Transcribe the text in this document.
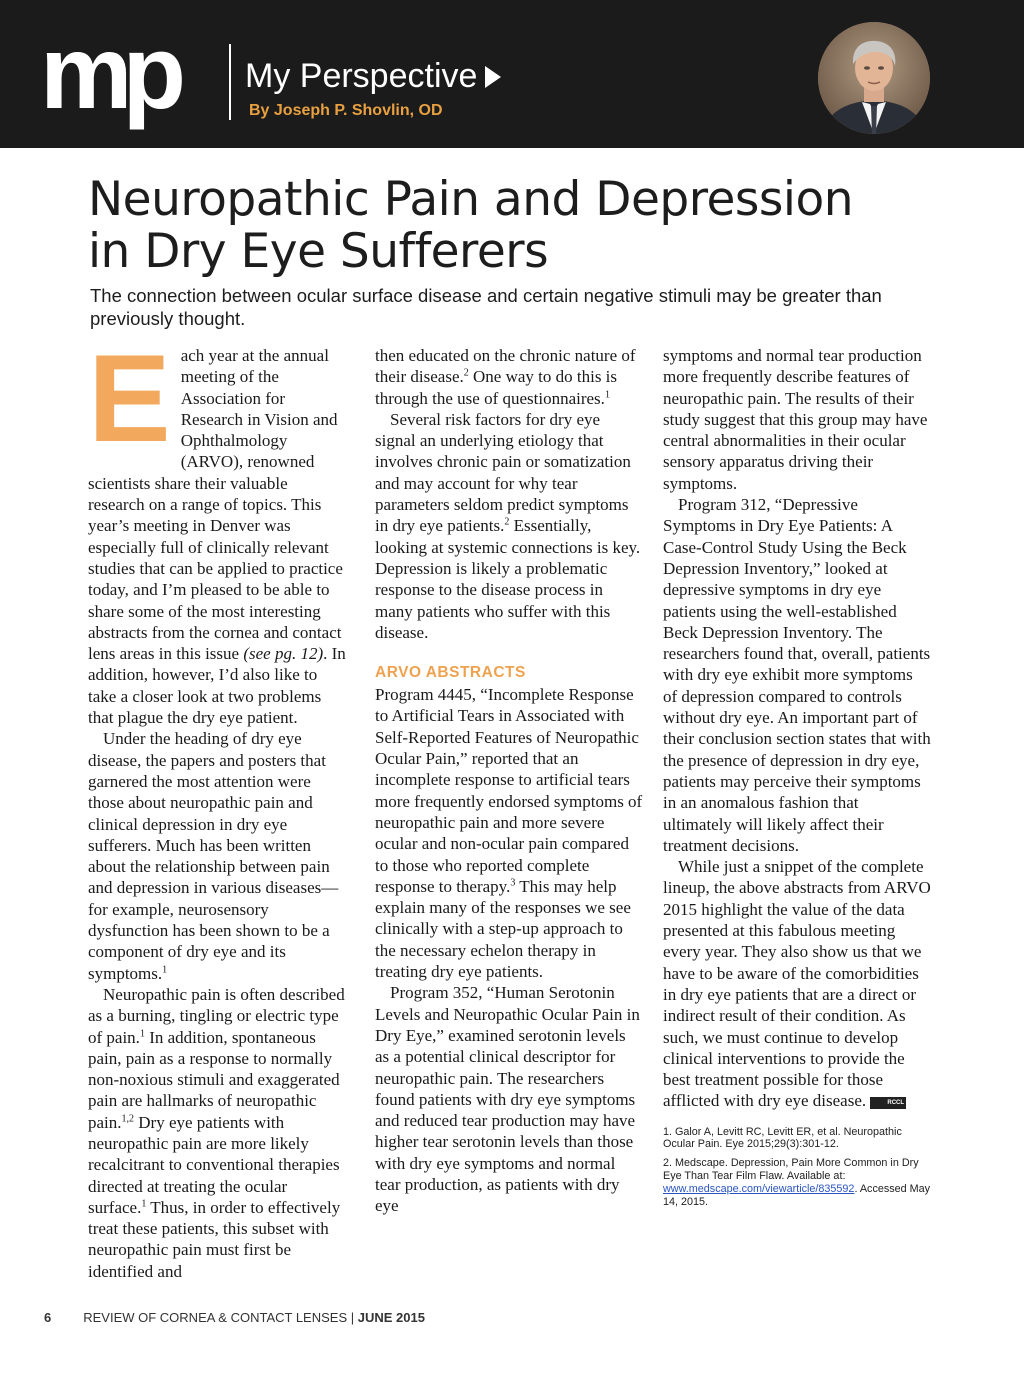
mp My Perspective
By Joseph P. Shovlin, OD
Neuropathic Pain and Depression
in Dry Eye Sufferers
The connection between ocular surface disease and certain negative stimuli may be greater than previously thought.

Each year at the annual meeting of the Association for Research in Vision and Ophthalmology (ARVO), renowned scientists share their valuable research on a range of topics. This year’s meeting in Denver was especially full of clinically relevant studies that can be applied to practice today, and I’m pleased to be able to share some of the most interesting abstracts from the cornea and contact lens areas in this issue (see pg. 12). In addition, however, I’d also like to take a closer look at two problems that plague the dry eye patient.

Under the heading of dry eye disease, the papers and posters that garnered the most attention were those about neuropathic pain and clinical depression in dry eye sufferers. Much has been written about the relationship between pain and depression in various diseases—for example, neurosensory dysfunction has been shown to be a component of dry eye and its symptoms.$^1$

Neuropathic pain is often described as a burning, tingling or electric type of pain.$^1$ In addition, spontaneous pain, pain as a response to normally non-noxious stimuli and exaggerated pain are hallmarks of neuropathic pain.$^{1,2}$ Dry eye patients with neuropathic pain are more likely recalcitrant to conventional therapies directed at treating the ocular surface.$^1$ Thus, in order to effectively treat these patients, this subset with neuropathic pain must first be identified and

then educated on the chronic nature of their disease.$^2$ One way to do this is through the use of questionnaires.$^1$

Several risk factors for dry eye signal an underlying etiology that involves chronic pain or somatization and may account for why tear parameters seldom predict symptoms in dry eye patients.$^2$ Essentially, looking at systemic connections is key. Depression is likely a problematic response to the disease process in many patients who suffer with this disease.

ARVO ABSTRACTS

Program 4445, “Incomplete Response to Artificial Tears in Associated with Self-Reported Features of Neuropathic Ocular Pain,” reported that an incomplete response to artificial tears more frequently endorsed symptoms of neuropathic pain and more severe ocular and non-ocular pain compared to those who reported complete response to therapy.$^3$ This may help explain many of the responses we see clinically with a step-up approach to the necessary echelon therapy in treating dry eye patients.

Program 352, “Human Serotonin Levels and Neuropathic Ocular Pain in Dry Eye,” examined serotonin levels as a potential clinical descriptor for neuropathic pain. The researchers found patients with dry eye symptoms and reduced tear production may have higher tear serotonin levels than those with dry eye symptoms and normal tear production, as patients with dry eye

symptoms and normal tear production more frequently describe features of neuropathic pain. The results of their study suggest that this group may have central abnormalities in their ocular sensory apparatus driving their symptoms.

Program 312, “Depressive Symptoms in Dry Eye Patients: A Case-Control Study Using the Beck Depression Inventory,” looked at depressive symptoms in dry eye patients using the well-established Beck Depression Inventory. The researchers found that, overall, patients with dry eye exhibit more symptoms of depression compared to controls without dry eye. An important part of their conclusion section states that with the presence of depression in dry eye, patients may perceive their symptoms in an anomalous fashion that ultimately will likely affect their treatment decisions.

While just a snippet of the complete lineup, the above abstracts from ARVO 2015 highlight the value of the data presented at this fabulous meeting every year. They also show us that we have to be aware of the comorbidities in dry eye patients that are a direct or indirect result of their condition. As such, we must continue to develop clinical interventions to provide the best treatment possible for those afflicted with dry eye disease.	RCCL

1. Galor A, Levitt RC, Levitt ER, et al. Neuropathic Ocular Pain. Eye 2015;29(3):301-12.
2. Medscape. Depression, Pain More Common in Dry Eye Than Tear Film Flaw. Available at: www.medscape.com/viewarticle/835592. Accessed May 14, 2015.
6 REVIEW OF CORNEA & CONTACT LENSES | JUNE 2015
